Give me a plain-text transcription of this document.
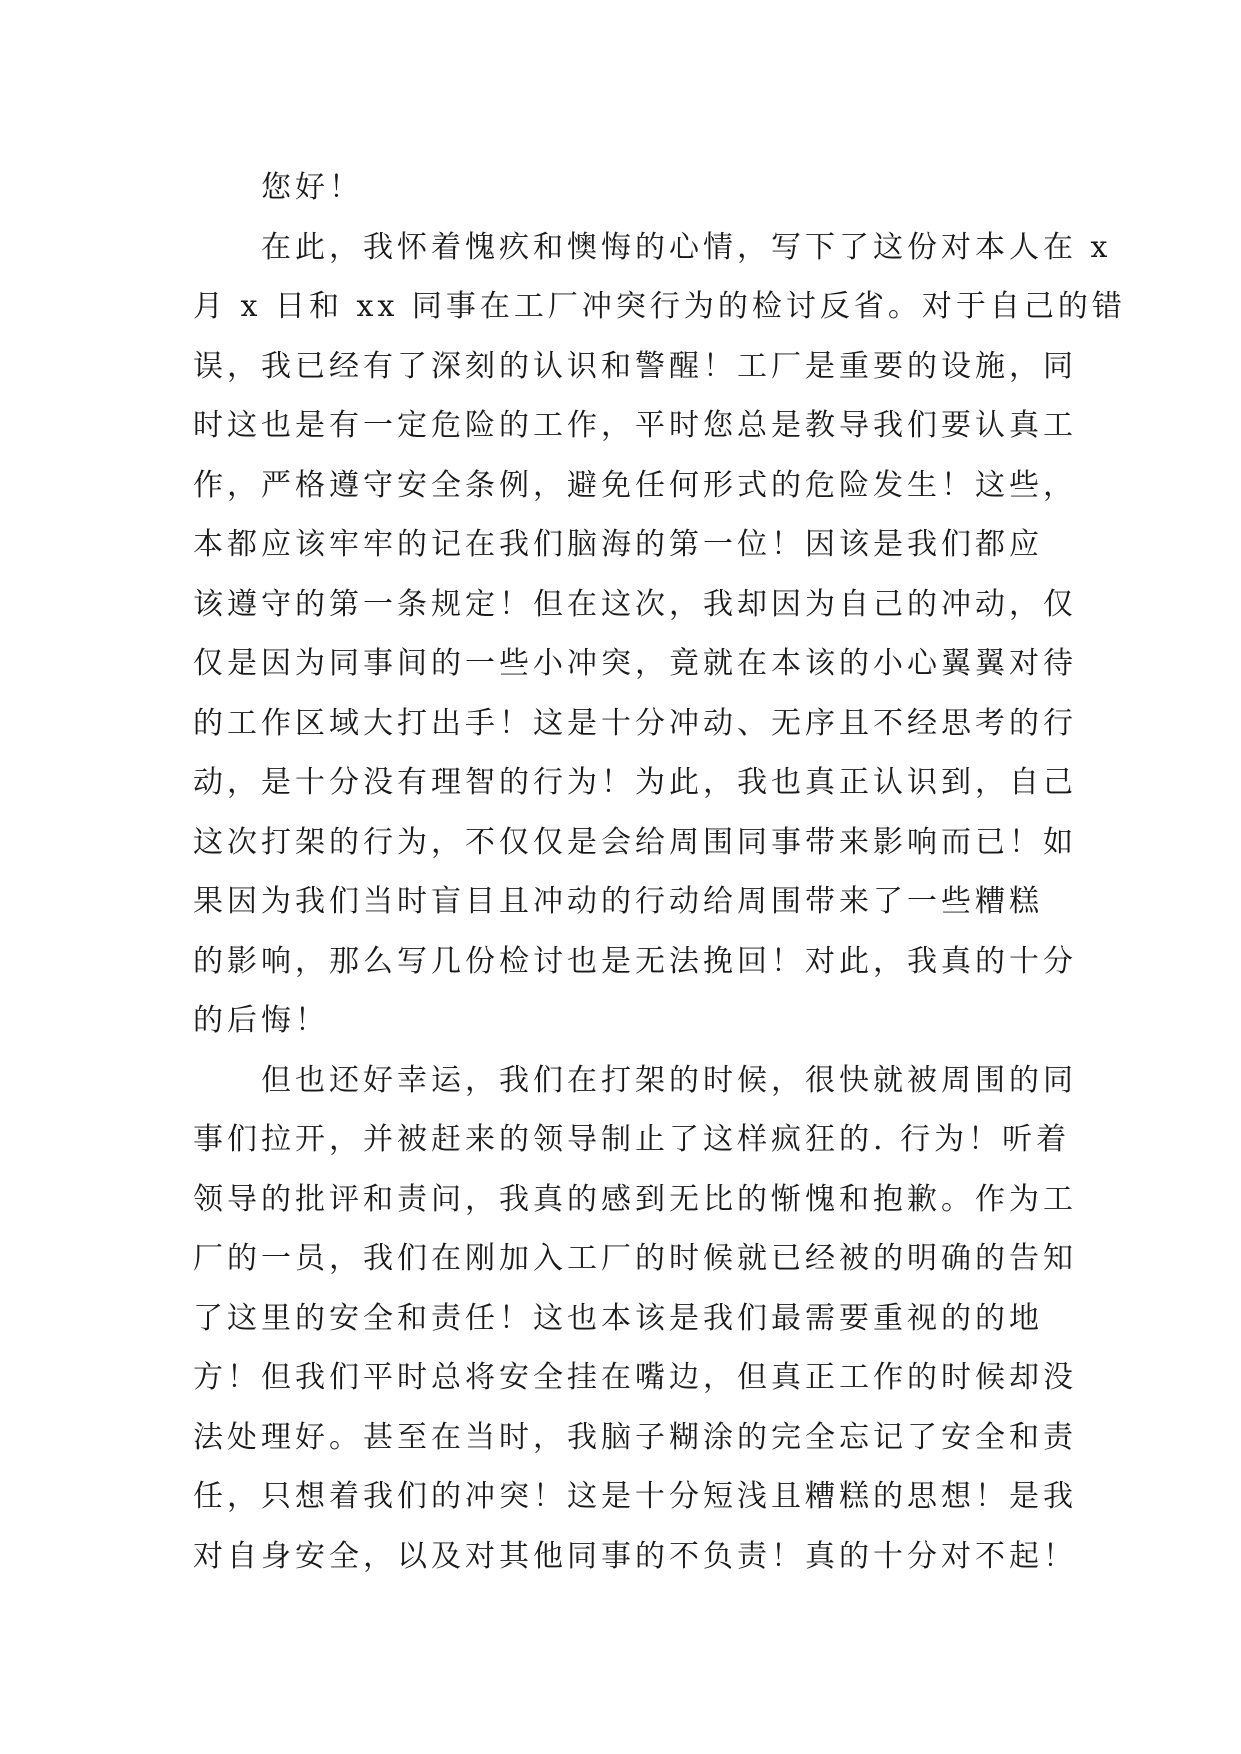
您好！
在此，我怀着愧疚和懊悔的心情，写下了这份对本人在 x
月 x 日和 xx 同事在工厂冲突行为的检讨反省。对于自己的错
误，我已经有了深刻的认识和警醒！工厂是重要的设施，同
时这也是有一定危险的工作，平时您总是教导我们要认真工
作，严格遵守安全条例，避免任何形式的危险发生！这些，
本都应该牢牢的记在我们脑海的第一位！因该是我们都应
该遵守的第一条规定！但在这次，我却因为自己的冲动，仅
仅是因为同事间的一些小冲突，竟就在本该的小心翼翼对待
的工作区域大打出手！这是十分冲动、无序且不经思考的行
动，是十分没有理智的行为！为此，我也真正认识到，自己
这次打架的行为，不仅仅是会给周围同事带来影响而已！如
果因为我们当时盲目且冲动的行动给周围带来了一些糟糕
的影响，那么写几份检讨也是无法挽回！对此，我真的十分
的后悔！
但也还好幸运，我们在打架的时候，很快就被周围的同
事们拉开，并被赶来的领导制止了这样疯狂的. 行为！听着
领导的批评和责问，我真的感到无比的惭愧和抱歉。作为工
厂的一员，我们在刚加入工厂的时候就已经被的明确的告知
了这里的安全和责任！这也本该是我们最需要重视的的地
方！但我们平时总将安全挂在嘴边，但真正工作的时候却没
法处理好。甚至在当时，我脑子糊涂的完全忘记了安全和责
任，只想着我们的冲突！这是十分短浅且糟糕的思想！是我
对自身安全，以及对其他同事的不负责！真的十分对不起！
